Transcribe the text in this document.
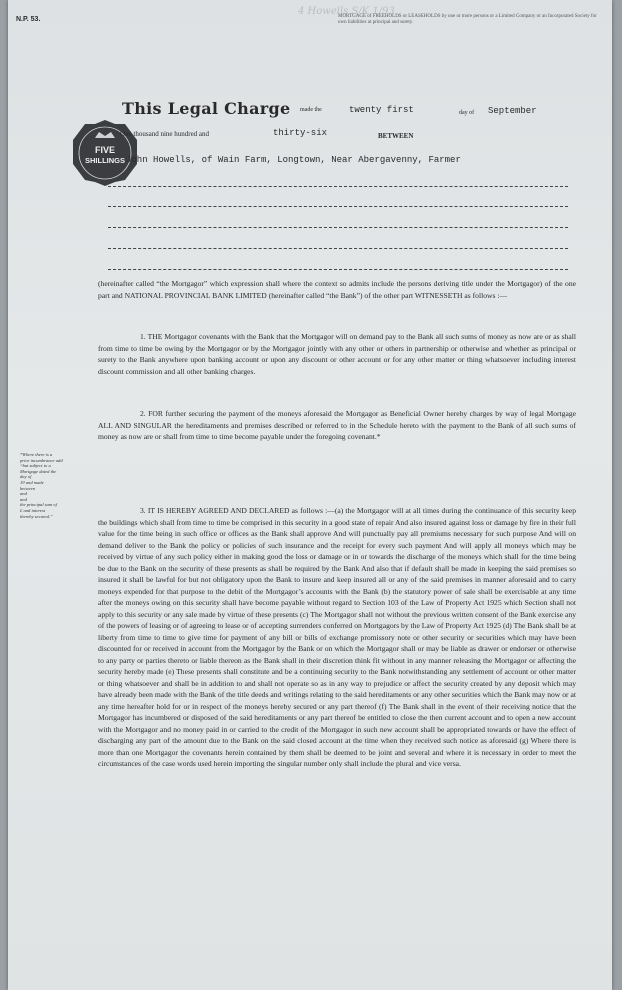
N.P. 53.
4 Howells S/K 1/93
MORTGAGE of FREEHOLDS or LEASEHOLDS by one or more persons or a Limited Company or an Incorporated Society for own liabilities at principal and surety.
FIVE
SHILLINGS
This Legal Charge made the	twenty first	day of September
One thousand nine hundred and	thirty-six	BETWEEN
John Howells, of Wain Farm, Longtown, Near Abergavenny, Farmer

(hereinafter called “the Mortgagor” which expression shall where the context so admits include the persons deriving title under the Mortgagor) of the one part and NATIONAL PROVINCIAL BANK LIMITED (hereinafter called “the Bank”) of the other part WITNESSETH as follows :—

1. THE Mortgagor covenants with the Bank that the Mortgagor will on demand pay to the Bank all such sums of money as now are or as shall from time to time be owing by the Mortgagor or by the Mortgagor jointly with any other or others in partnership or otherwise and whether as principal or surety to the Bank anywhere upon banking account or upon any discount or other account or for any other matter or thing whatsoever including interest discount commission and all other banking charges.

2. FOR further securing the payment of the moneys aforesaid the Mortgagor as Beneficial Owner hereby charges by way of legal Mortgage ALL AND SINGULAR the hereditaments and premises described or referred to in the Schedule hereto with the payment to the Bank of all such sums of money as now are or shall from time to time become payable under the foregoing covenant.*

*Where there is a
prior incumbrance add
“but subject to a
Mortgage dated the
day of
19 and made
between
and
and
the principal sum of
£ and interest
thereby secured.”

3. IT IS HEREBY AGREED AND DECLARED as follows :—(a) the Mortgagor will at all times during the continuance of this security keep the buildings which shall from time to time be comprised in this security in a good state of repair And also insured against loss or damage by fire in their full value for the time being in such office or offices as the Bank shall approve And will punctually pay all premiums necessary for such purpose And will on demand deliver to the Bank the policy or policies of such insurance and the receipt for every such payment And will apply all moneys which may be received by virtue of any such policy either in making good the loss or damage or in or towards the discharge of the moneys which shall for the time being be due to the Bank on the security of these presents as shall be required by the Bank And also that if default shall be made in keeping the said premises so insured it shall be lawful for but not obligatory upon the Bank to insure and keep insured all or any of the said premises in manner aforesaid and to carry moneys expended for that purpose to the debit of the Mortgagor’s accounts with the Bank (b) the statutory power of sale shall be exercisable at any time after the moneys owing on this security shall have become payable without regard to Section 103 of the Law of Property Act 1925 which Section shall not apply to this security or any sale made by virtue of these presents (c) The Mortgagor shall not without the previous written consent of the Bank exercise any of the powers of leasing or of agreeing to lease or of accepting surrenders conferred on Mortgagors by the Law of Property Act 1925 (d) The Bank shall be at liberty from time to time to give time for payment of any bill or bills of exchange promissory note or other security or securities which may have been discounted for or received in account from the Mortgagor by the Bank or on which the Mortgagor shall or may be liable as drawer or endorser or otherwise to any party or parties thereto or liable thereon as the Bank shall in their discretion think fit without in any manner releasing the Mortgagor or affecting the security hereby made (e) These presents shall constitute and be a continuing security to the Bank notwithstanding any settlement of account or other matter or thing whatsoever and shall be in addition to and shall not operate so as in any way to prejudice or affect the security created by any deposit which may have already been made with the Bank of the title deeds and writings relating to the said hereditaments or any other securities which the Bank may now or at any time hereafter hold for or in respect of the moneys hereby secured or any part thereof (f) The Bank shall in the event of their receiving notice that the Mortgagor has incumbered or disposed of the said hereditaments or any part thereof be entitled to close the then current account and to open a new account with the Mortgagor and no money paid in or carried to the credit of the Mortgagor in such new account shall be appropriated towards or have the effect of discharging any part of the amount due to the Bank on the said closed account at the time when they received such notice as aforesaid (g) Where there is more than one Mortgagor the covenants herein contained by them shall be deemed to be joint and several and where it is necessary in order to meet the circumstances of the case words used herein importing the singular number only shall include the plural and vice versa.
